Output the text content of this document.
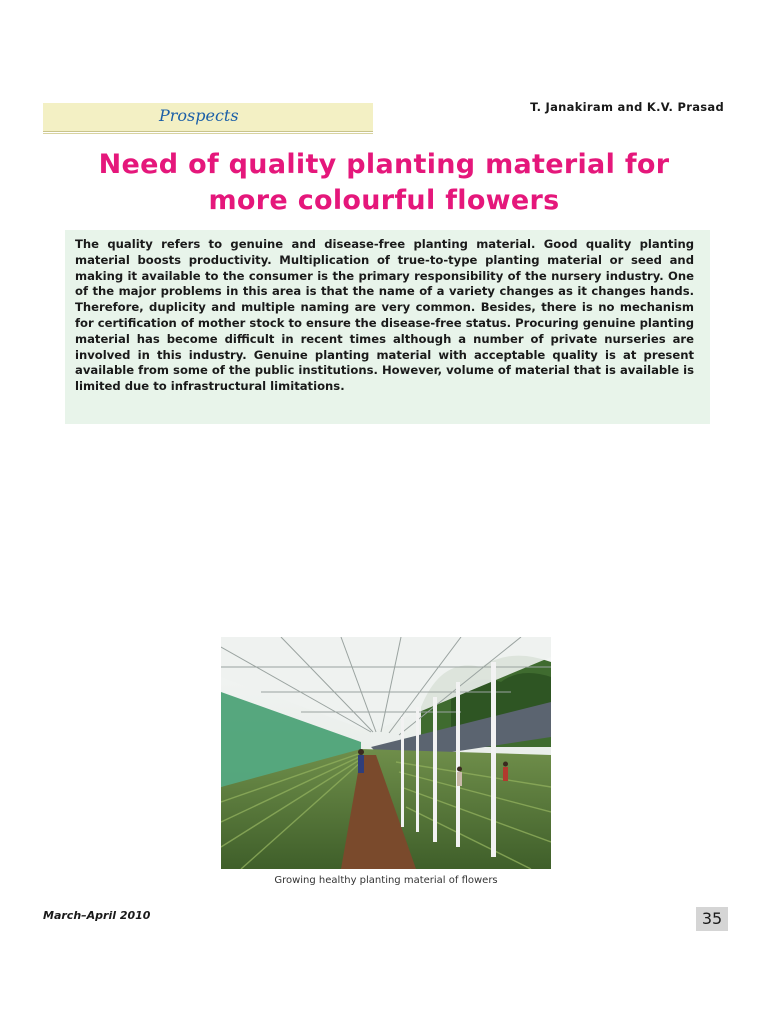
Prospects	T. Janakiram and K.V. Prasad
Need of quality planting material for
more colourful flowers

The quality refers to genuine and disease-free planting material. Good quality planting material boosts productivity. Multiplication of true-to-type planting material or seed and making it available to the consumer is the primary responsibility of the nursery industry. One of the major problems in this area is that the name of a variety changes as it changes hands. Therefore, duplicity and multiple naming are very common. Besides, there is no mechanism for certification of mother stock to ensure the disease-free status. Procuring genuine planting material has become difficult in recent times although a number of private nurseries are involved in this industry. Genuine planting material with acceptable quality is at present available from some of the public institutions. However, volume of material that is available is limited due to infrastructural limitations.

Growing healthy planting material of flowers
March–April 2010	35
